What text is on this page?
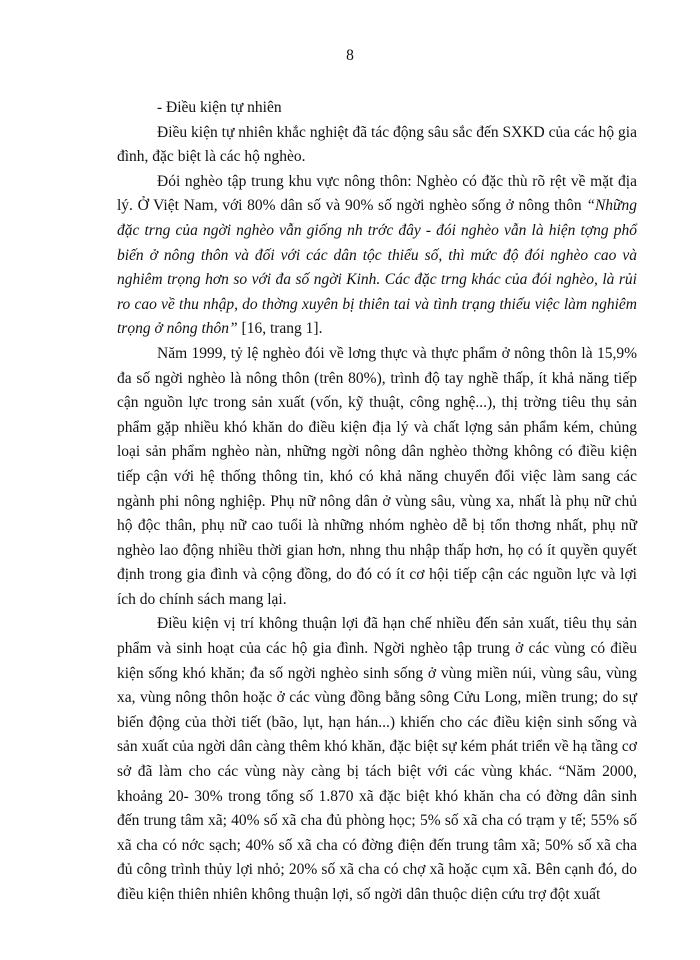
8

- Điều kiện tự nhiên

Điều kiện tự nhiên khắc nghiệt đã tác động sâu sắc đến SXKD của các hộ gia đình, đặc biệt là các hộ nghèo.

Đói nghèo tập trung khu vực nông thôn: Nghèo có đặc thù rõ rệt về mặt địa lý. Ở Việt Nam, với 80% dân số và 90% số ngời nghèo sống ở nông thôn “Những đặc trng của ngời nghèo vẫn giống nh trớc đây - đói nghèo vẫn là hiện tợng phổ biến ở nông thôn và đối với các dân tộc thiểu số, thì mức độ đói nghèo cao và nghiêm trọng hơn so với đa số ngời Kinh. Các đặc trng khác của đói nghèo, là rủi ro cao về thu nhập, do thờng xuyên bị thiên tai và tình trạng thiếu việc làm nghiêm trọng ở nông thôn” [16, trang 1].

Năm 1999, tỷ lệ nghèo đói về lơng thực và thực phẩm ở nông thôn là 15,9% đa số ngời nghèo là nông thôn (trên 80%), trình độ tay nghề thấp, ít khả năng tiếp cận nguồn lực trong sản xuất (vốn, kỹ thuật, công nghệ...), thị trờng tiêu thụ sản phẩm gặp nhiều khó khăn do điều kiện địa lý và chất lợng sản phẩm kém, chủng loại sản phẩm nghèo nàn, những ngời nông dân nghèo thờng không có điều kiện tiếp cận với hệ thống thông tin, khó có khả năng chuyển đổi việc làm sang các ngành phi nông nghiệp. Phụ nữ nông dân ở vùng sâu, vùng xa, nhất là phụ nữ chủ hộ độc thân, phụ nữ cao tuổi là những nhóm nghèo dễ bị tổn thơng nhất, phụ nữ nghèo lao động nhiều thời gian hơn, nhng thu nhập thấp hơn, họ có ít quyền quyết định trong gia đình và cộng đồng, do đó có ít cơ hội tiếp cận các nguồn lực và lợi ích do chính sách mang lại.

Điều kiện vị trí không thuận lợi đã hạn chế nhiều đến sản xuất, tiêu thụ sản phẩm và sinh hoạt của các hộ gia đình. Ngời nghèo tập trung ở các vùng có điều kiện sống khó khăn; đa số ngời nghèo sinh sống ở vùng miền núi, vùng sâu, vùng xa, vùng nông thôn hoặc ở các vùng đồng bằng sông Cửu Long, miền trung; do sự biến động của thời tiết (bão, lụt, hạn hán...) khiến cho các điều kiện sinh sống và sản xuất của ngời dân càng thêm khó khăn, đặc biệt sự kém phát triển về hạ tầng cơ sở đã làm cho các vùng này càng bị tách biệt với các vùng khác. “Năm 2000, khoảng 20- 30% trong tổng số 1.870 xã đặc biệt khó khăn cha có đờng dân sinh đến trung tâm xã; 40% số xã cha đủ phòng học; 5% số xã cha có trạm y tế; 55% số xã cha có nớc sạch; 40% số xã cha có đờng điện đến trung tâm xã; 50% số xã cha đủ công trình thủy lợi nhỏ; 20% số xã cha có chợ xã hoặc cụm xã. Bên cạnh đó, do điều kiện thiên nhiên không thuận lợi, số ngời dân thuộc diện cứu trợ đột xuất
